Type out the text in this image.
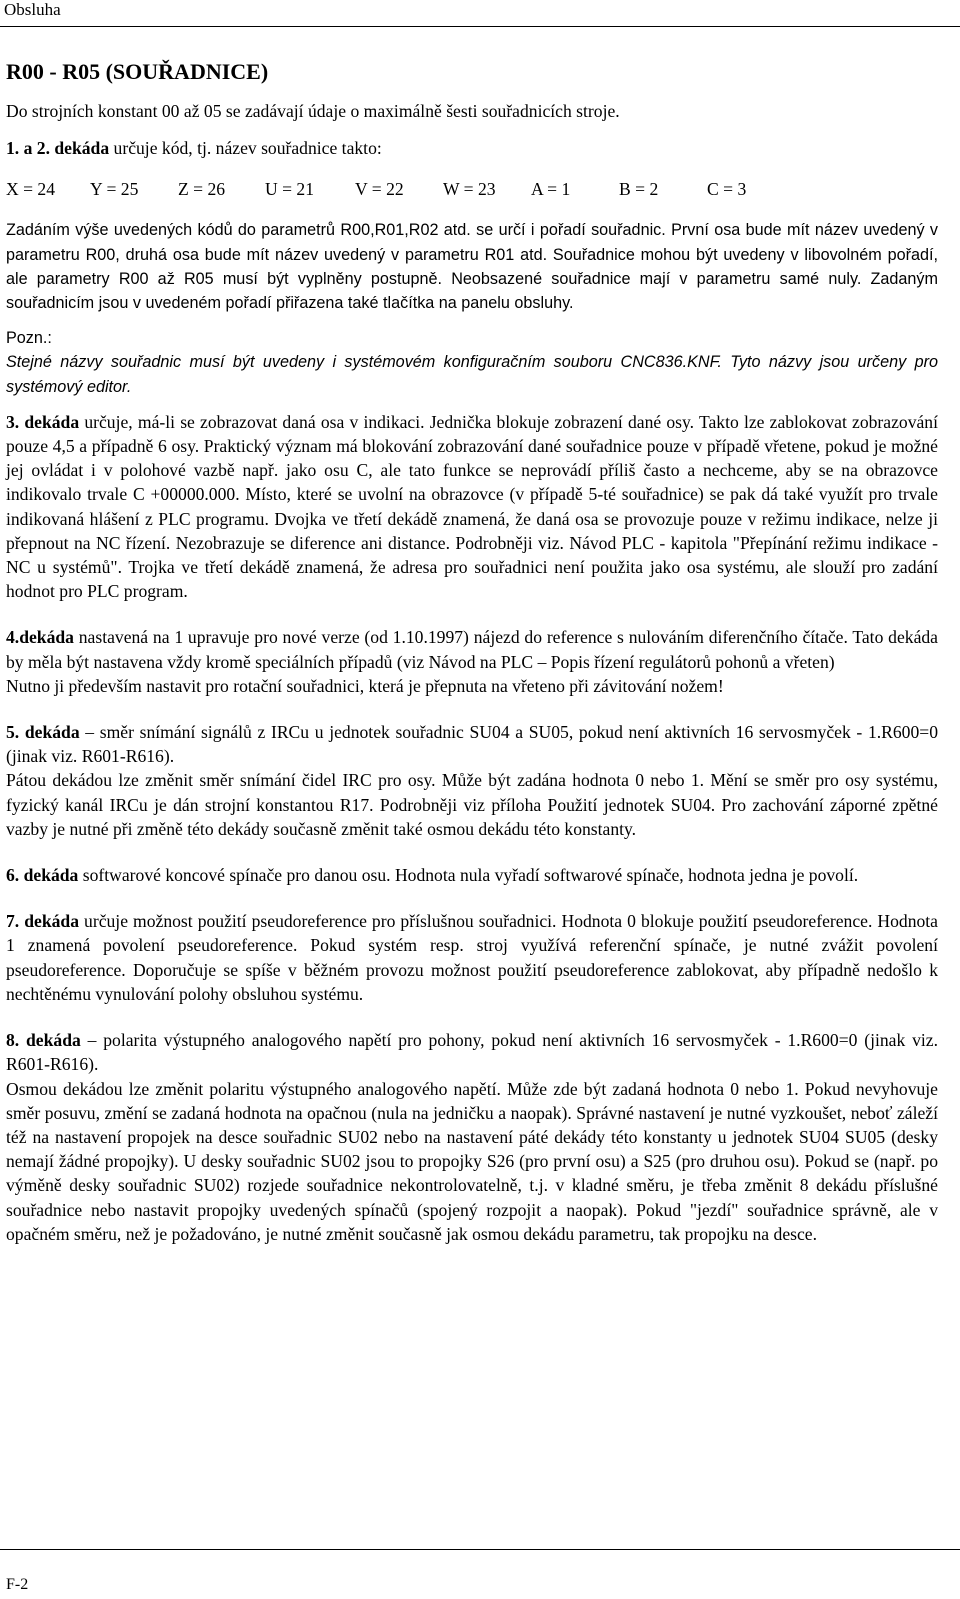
Obsluha
R00 - R05 (SOUŘADNICE)

Do strojních konstant 00 až 05 se zadávají údaje o maximálně šesti souřadnicích stroje.

1. a 2. dekáda určuje kód, tj. název souřadnice takto:

X = 24	Y = 25	Z = 26	U = 21	V = 22	W = 23	A = 1	B = 2	C = 3

Zadáním výše uvedených kódů do parametrů R00,R01,R02 atd. se určí i pořadí souřadnic. První osa bude mít název uvedený v parametru R00, druhá osa bude mít název uvedený v parametru R01 atd. Souřadnice mohou být uvedeny v libovolném pořadí, ale parametry R00 až R05 musí být vyplněny postupně. Neobsazené souřadnice mají v parametru samé nuly. Zadaným souřadnicím jsou v uvedeném pořadí přiřazena také tlačítka na panelu obsluhy.

Pozn.:

Stejné názvy souřadnic musí být uvedeny i systémovém konfiguračním souboru CNC836.KNF. Tyto názvy jsou určeny pro systémový editor.

3. dekáda určuje, má-li se zobrazovat daná osa v indikaci. Jednička blokuje zobrazení dané osy. Takto lze zablokovat zobrazování pouze 4,5 a případně 6 osy. Praktický význam má blokování zobrazování dané souřadnice pouze v případě vřetene, pokud je možné jej ovládat i v polohové vazbě např. jako osu C, ale tato funkce se neprovádí příliš často a nechceme, aby se na obrazovce indikovalo trvale C +00000.000. Místo, které se uvolní na obrazovce (v případě 5-té souřadnice) se pak dá také využít pro trvale indikovaná hlášení z PLC programu. Dvojka ve třetí dekádě znamená, že daná osa se provozuje pouze v režimu indikace, nelze ji přepnout na NC řízení. Nezobrazuje se diference ani distance. Podrobněji viz. Návod PLC - kapitola "Přepínání režimu indikace - NC u systémů". Trojka ve třetí dekádě znamená, že adresa pro souřadnici není použita jako osa systému, ale slouží pro zadání hodnot pro PLC program.

4.dekáda nastavená na 1 upravuje pro nové verze (od 1.10.1997) nájezd do reference s nulováním diferenčního čítače. Tato dekáda by měla být nastavena vždy kromě speciálních případů (viz Návod na PLC – Popis řízení regulátorů pohonů a vřeten)

Nutno ji především nastavit pro rotační souřadnici, která je přepnuta na vřeteno při závitování nožem!

5. dekáda – směr snímání signálů z IRCu u jednotek souřadnic SU04 a SU05, pokud není aktivních 16 servosmyček - 1.R600=0 (jinak viz. R601-R616).

Pátou dekádou lze změnit směr snímání čidel IRC pro osy. Může být zadána hodnota 0 nebo 1. Mění se směr pro osy systému, fyzický kanál IRCu je dán strojní konstantou R17. Podrobněji viz příloha Použití jednotek SU04. Pro zachování záporné zpětné vazby je nutné při změně této dekády současně změnit také osmou dekádu této konstanty.

6. dekáda softwarové koncové spínače pro danou osu. Hodnota nula vyřadí softwarové spínače, hodnota jedna je povolí.

7. dekáda určuje možnost použití pseudoreference pro příslušnou souřadnici. Hodnota 0 blokuje použití pseudoreference. Hodnota 1 znamená povolení pseudoreference. Pokud systém resp. stroj využívá referenční spínače, je nutné zvážit povolení pseudoreference. Doporučuje se spíše v běžném provozu možnost použití pseudoreference zablokovat, aby případně nedošlo k nechtěnému vynulování polohy obsluhou systému.

8. dekáda – polarita výstupného analogového napětí pro pohony, pokud není aktivních 16 servosmyček - 1.R600=0 (jinak viz. R601-R616).

Osmou dekádou lze změnit polaritu výstupného analogového napětí. Může zde být zadaná hodnota 0 nebo 1. Pokud nevyhovuje směr posuvu, změní se zadaná hodnota na opačnou (nula na jedničku a naopak). Správné nastavení je nutné vyzkoušet, neboť záleží též na nastavení propojek na desce souřadnic SU02 nebo na nastavení páté dekády této konstanty u jednotek SU04 SU05 (desky nemají žádné propojky). U desky souřadnic SU02 jsou to propojky S26 (pro první osu) a S25 (pro druhou osu). Pokud se (např. po výměně desky souřadnic SU02) rozjede souřadnice nekontrolovatelně, t.j. v kladné směru, je třeba změnit 8 dekádu příslušné souřadnice nebo nastavit propojky uvedených spínačů (spojený rozpojit a naopak). Pokud "jezdí" souřadnice správně, ale v opačném směru, než je požadováno, je nutné změnit současně jak osmou dekádu parametru, tak propojku na desce.

F-2
